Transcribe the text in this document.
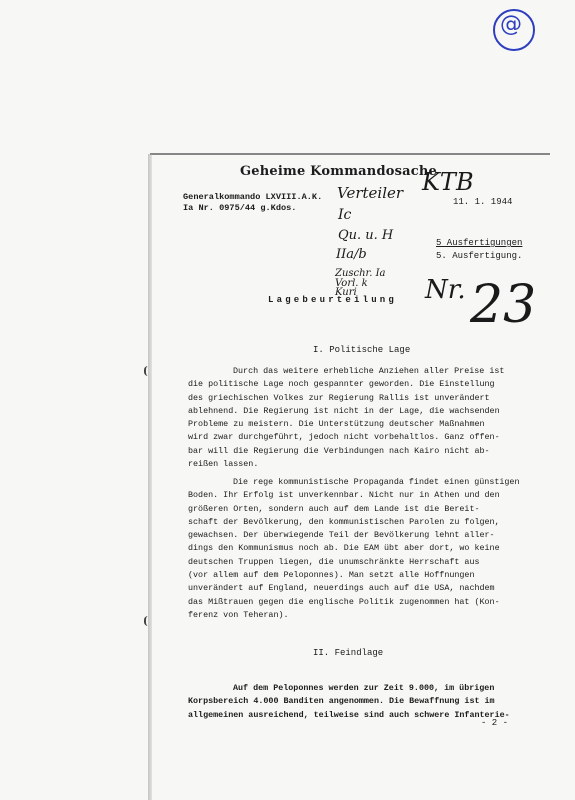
@
Geheime Kommandosache
Generalkommando LXVIII.A.K.
Ia Nr. 0975/44 g.Kdos.
11. 1. 1944
5 Ausfertigungen
5. Ausfertigung.
Lagebeurteilung
KTB
Verteiler
Ic
Qu. u. H
IIa/b
Zuschr. Ia
Vorl. k
Kuri	Nr. 23
I. Politische Lage
Durch das weitere erhebliche Anziehen aller Preise ist
die politische Lage noch gespannter geworden. Die Einstellung
des griechischen Volkes zur Regierung Rallis ist unverändert
ablehnend. Die Regierung ist nicht in der Lage, die wachsenden
Probleme zu meistern. Die Unterstützung deutscher Maßnahmen
wird zwar durchgeführt, jedoch nicht vorbehaltlos. Ganz offen-
bar will die Regierung die Verbindungen nach Kairo nicht ab-
reißen lassen.
Die rege kommunistische Propaganda findet einen günstigen
Boden. Ihr Erfolg ist unverkennbar. Nicht nur in Athen und den
größeren Orten, sondern auch auf dem Lande ist die Bereit-
schaft der Bevölkerung, den kommunistischen Parolen zu folgen,
gewachsen. Der überwiegende Teil der Bevölkerung lehnt aller-
dings den Kommunismus noch ab. Die EAM übt aber dort, wo keine
deutschen Truppen liegen, die unumschränkte Herrschaft aus
(vor allem auf dem Peloponnes). Man setzt alle Hoffnungen
unverändert auf England, neuerdings auch auf die USA, nachdem
das Mißtrauen gegen die englische Politik zugenommen hat (Kon-
ferenz von Teheran).
II. Feindlage
Auf dem Peloponnes werden zur Zeit 9.000, im übrigen
Korpsbereich 4.000 Banditen angenommen. Die Bewaffnung ist im
allgemeinen ausreichend, teilweise sind auch schwere Infanterie-
- 2 -
